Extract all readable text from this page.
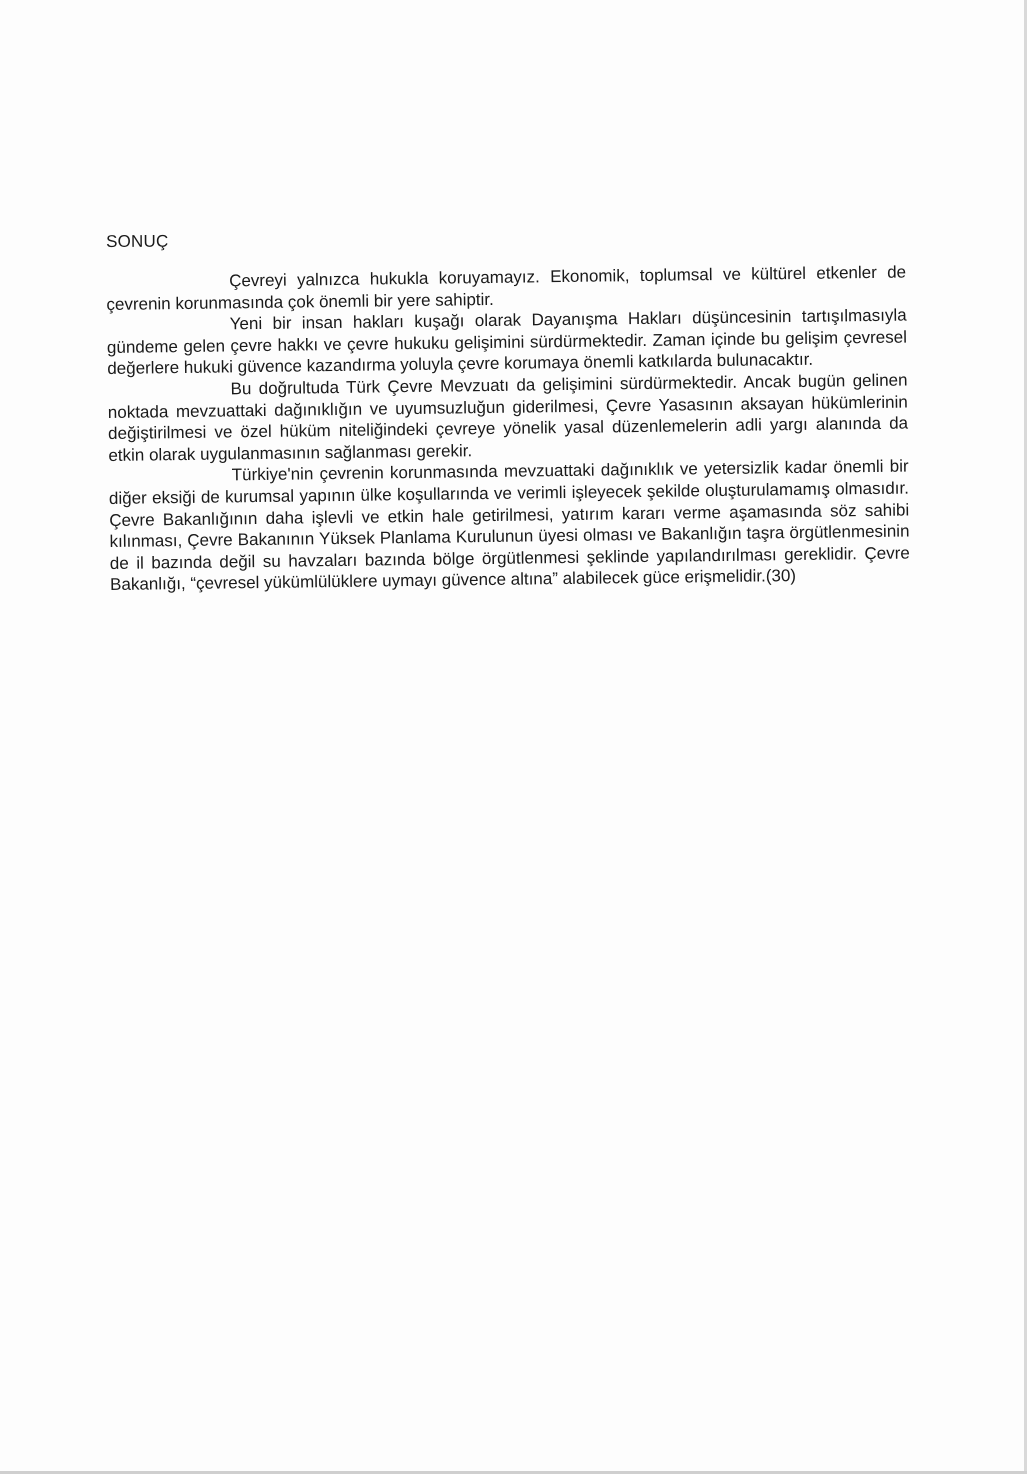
SONUÇ

Çevreyi yalnızca hukukla koruyamayız. Ekonomik, toplumsal ve kültürel etkenler de çevrenin korunmasında çok önemli bir yere sahiptir.

Yeni bir insan hakları kuşağı olarak Dayanışma Hakları düşüncesinin tartışılmasıyla gündeme gelen çevre hakkı ve çevre hukuku gelişimini sürdürmektedir. Zaman içinde bu gelişim çevresel değerlere hukuki güvence kazandırma yoluyla çevre korumaya önemli katkılarda bulunacaktır.

Bu doğrultuda Türk Çevre Mevzuatı da gelişimini sürdürmektedir. Ancak bugün gelinen noktada mevzuattaki dağınıklığın ve uyumsuzluğun giderilmesi, Çevre Yasasının aksayan hükümlerinin değiştirilmesi ve özel hüküm niteliğindeki çevreye yönelik yasal düzenlemelerin adli yargı alanında da etkin olarak uygulanmasının sağlanması gerekir.

Türkiye'nin çevrenin korunmasında mevzuattaki dağınıklık ve yetersizlik kadar önemli bir diğer eksiği de kurumsal yapının ülke koşullarında ve verimli işleyecek şekilde oluşturulamamış olmasıdır. Çevre Bakanlığının daha işlevli ve etkin hale getirilmesi, yatırım kararı verme aşamasında söz sahibi kılınması, Çevre Bakanının Yüksek Planlama Kurulunun üyesi olması ve Bakanlığın taşra örgütlenmesinin de il bazında değil su havzaları bazında bölge örgütlenmesi şeklinde yapılandırılması gereklidir. Çevre Bakanlığı, “çevresel yükümlülüklere uymayı güvence altına” alabilecek güce erişmelidir.(30)
